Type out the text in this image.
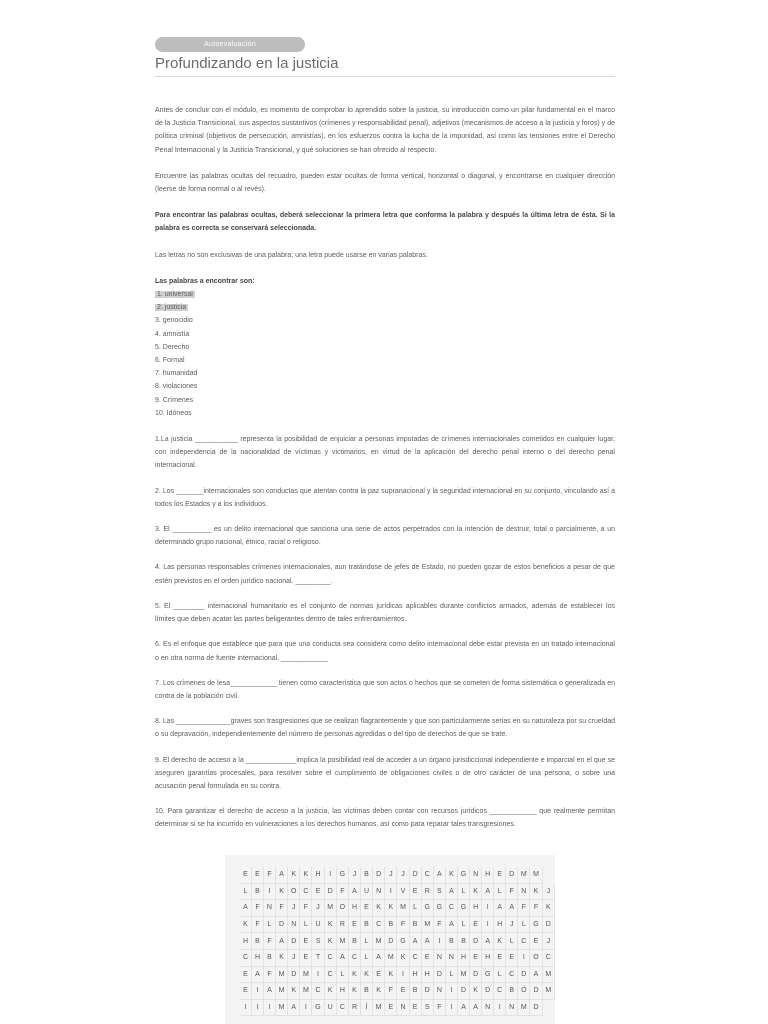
Autoevaluación
Profundizando en la justicia

Antes de concluir con el módulo, es momento de comprobar lo aprendido sobre la justicia, su introducción como un pilar fundamental en el marco de la Justicia Transicional, sus aspectos sustantivos (crímenes y responsabilidad penal), adjetivos (mecanismos de acceso a la justicia y foros) y de política criminal (objetivos de persecución, amnistías), en los esfuerzos contra la lucha de la impunidad, así como las tensiones entre el Derecho Penal Internacional y la Justicia Transicional, y qué soluciones se han ofrecido al respecto.

Encuentre las palabras ocultas del recuadro, pueden estar ocultas de forma vertical, horizontal o diagonal, y encontrarse en cualquier dirección (leerse de forma normal o al revés).

Para encontrar las palabras ocultas, deberá seleccionar la primera letra que conforma la palabra y después la última letra de ésta. Si la palabra es correcta se conservará seleccionada.

Las letras no son exclusivas de una palabra; una letra puede usarse en varias palabras.

Las palabras a encontrar son:
1. universal
2. justicia
3. genocidio
4. amnistía
5. Derecho
6. Formal
7. humanidad
8. violaciones
9. Crímenes
10. Idóneos

1.La justicia ___________ representa la posibilidad de enjuiciar a personas imputadas de crímenes internacionales cometidos en cualquier lugar, con independencia de la nacionalidad de víctimas y victimarios, en virtud de la aplicación del derecho penal interno o del derecho penal internacional.

2. Los _______internacionales son conductas que atentan contra la paz supranacional y la seguridad internacional en su conjunto, vinculando así a todos los Estados y a los individuos.

3. El __________ es un delito internacional que sanciona una serie de actos perpetrados con la intención de destruir, total o parcialmente, a un determinado grupo nacional, étnico, racial o religioso.

4. Las personas responsables crímenes internacionales, aun tratándose de jefes de Estado, no pueden gozar de estos beneficios a pesar de que estén previstos en el orden jurídico nacional. _________.

5. El ________ internacional humanitario es el conjunto de normas jurídicas aplicables durante conflictos armados, además de establecer los límites que deben acatar las partes beligerantes dentro de tales enfrentamientos.

6. Es el enfoque que establece que para que una conducta sea considera como delito internacional debe estar prevista en un tratado internacional o en otra norma de fuente internacional. ____________

7. Los crímenes de lesa____________ tienen como característica que son actos o hechos que se cometen de forma sistemática o generalizada en contra de la población civil.

8. Las ______________graves son trasgresiones que se realizan flagrantemente y que son particularmente serias en su naturaleza por su crueldad o su depravación, independientemente del número de personas agredidas o del tipo de derechos de que se trate.

9. El derecho de acceso a la _____________implica la posibilidad real de acceder a un órgano jurisdiccional independiente e imparcial en el que se aseguren garantías procesales, para resolver sobre el cumplimiento de obligaciones civiles o de otro carácter de una persona, o sobre una acusación penal formulada en su contra.

10. Para garantizar el derecho de acceso a la justicia, las víctimas deben contar con recursos jurídicos ____________ que realmente permitan determinar si se ha incurrido en vulneraciones a los derechos humanos, así como para reparar tales transgresiones.

E	E	F	A	K	K	H	I	G	J	B	D	J	J	D	C	A	K	G	N	H	E	D	M	M	
L	B	I	K	O	C	E	D	F	A	U	N	I	V	E	R	S	A	L	K	A	L	F	N	K	J
A	F	N	F	J	F	J	M	O	H	E	K	K	M	L	G	G	C	G	H	I	A	A	F	F	K
K	F	L	D	N	L	U	K	R	E	B	C	B	F	B	M	F	A	L	E	I	H	J	L	G	D
H	B	F	A	D	E	S	K	M	B	L	M	D	G	A	A	I	B	B	D	A	K	L	C	E	J
C	H	B	K	J	E	T	C	A	C	L	A	M	K	C	E	N	N	H	E	H	E	E	I	O	C
E	A	F	M	D	M	I	C	L	K	K	E	K	I	H	H	D	L	M	D	G	L	C	D	A	M
E	I	A	M	K	M	C	K	H	K	B	K	F	E	B	D	N	I	D	K	D	C	B	Ó	D	M
I	I	I	M	A	I	G	U	C	R	Í	M	E	N	E	S	F	I	A	A	N	I	N	M	D	
